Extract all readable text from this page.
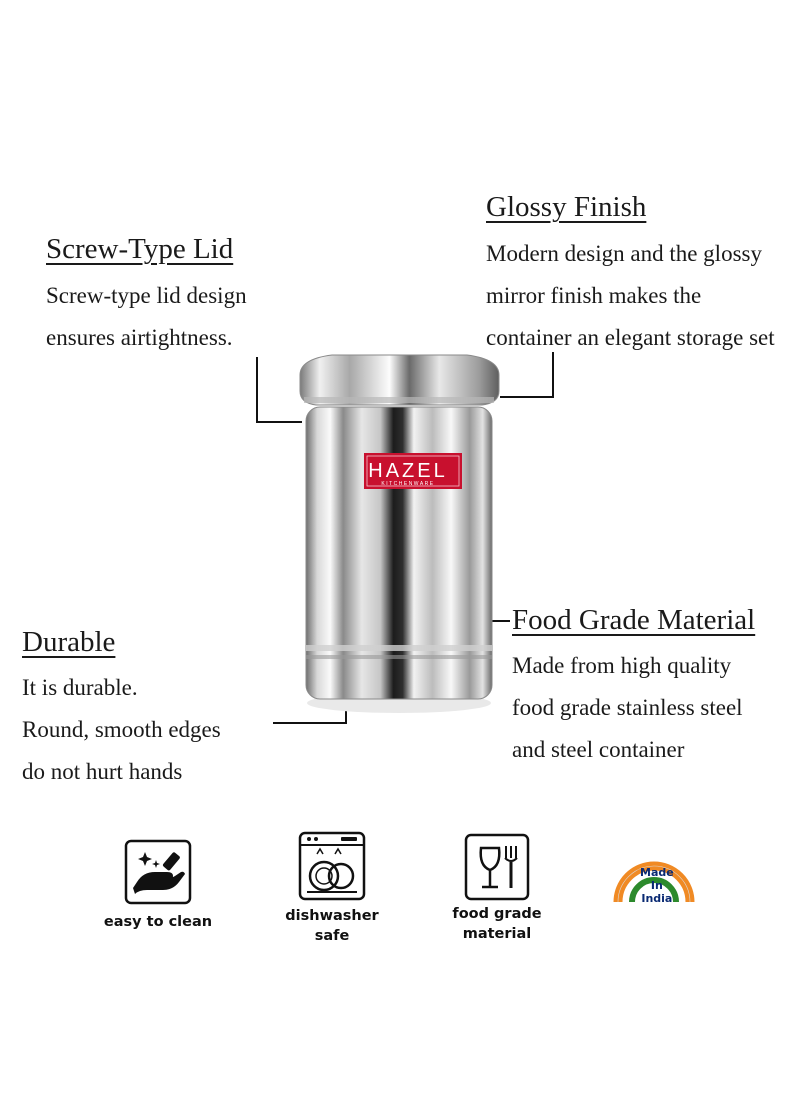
Screw-Type Lid
Screw-type lid design
ensures airtightness.
Glossy Finish
Modern design and the glossy
mirror finish makes the
container an elegant storage set
Durable
It is durable.
Round, smooth edges
do not hurt hands
Food Grade Material
Made from high quality
food grade stainless steel
and steel container
HAZEL
KITCHENWARE
easy to clean	dishwasher
safe
food grade
material
Made
In
India
